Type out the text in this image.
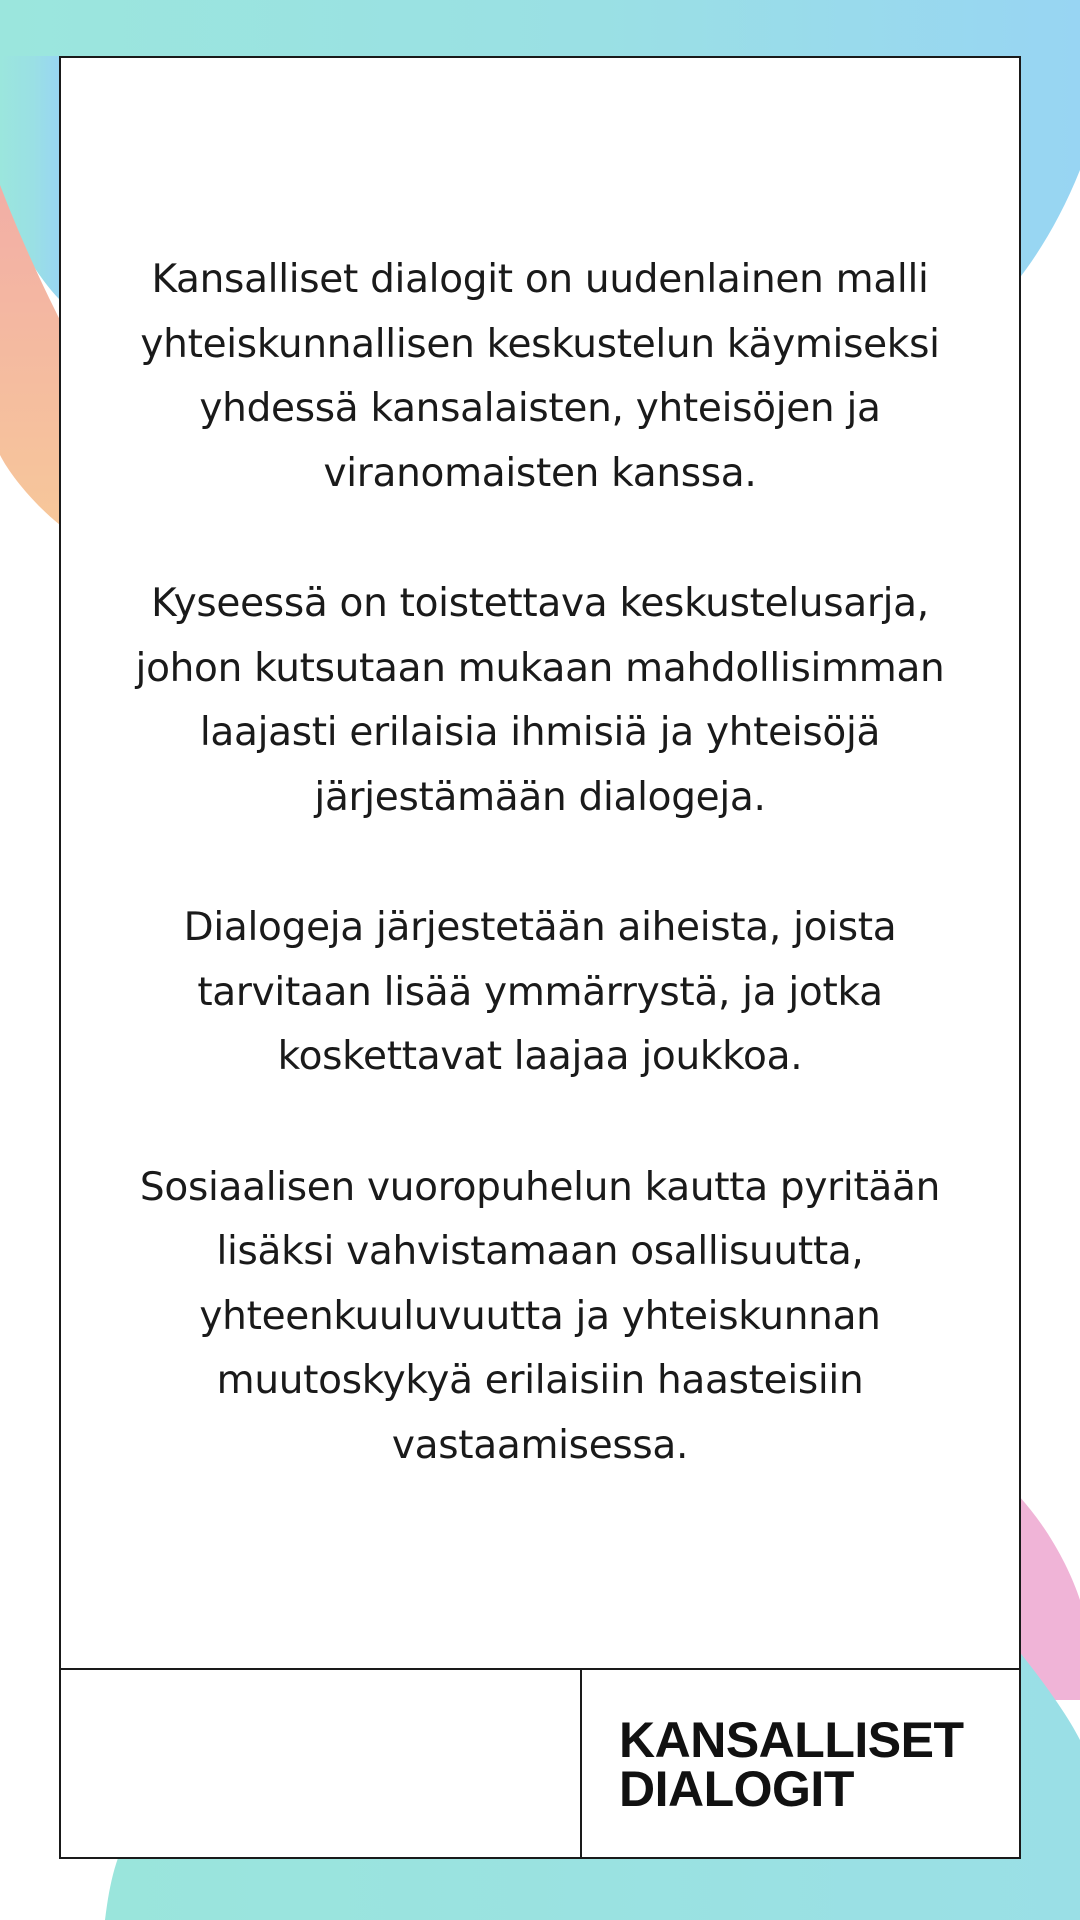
Kansalliset dialogit on uudenlainen malli
yhteiskunnallisen keskustelun käymiseksi
yhdessä kansalaisten, yhteisöjen ja
viranomaisten kanssa.

Kyseessä on toistettava keskustelusarja,
johon kutsutaan mukaan mahdollisimman
laajasti erilaisia ihmisiä ja yhteisöjä
järjestämään dialogeja.

Dialogeja järjestetään aiheista, joista
tarvitaan lisää ymmärrystä, ja jotka
koskettavat laajaa joukkoa.

Sosiaalisen vuoropuhelun kautta pyritään
lisäksi vahvistamaan osallisuutta,
yhteenkuuluvuutta ja yhteiskunnan
muutoskykyä erilaisiin haasteisiin
vastaamisessa.

KANSALLISET
DIALOGIT
